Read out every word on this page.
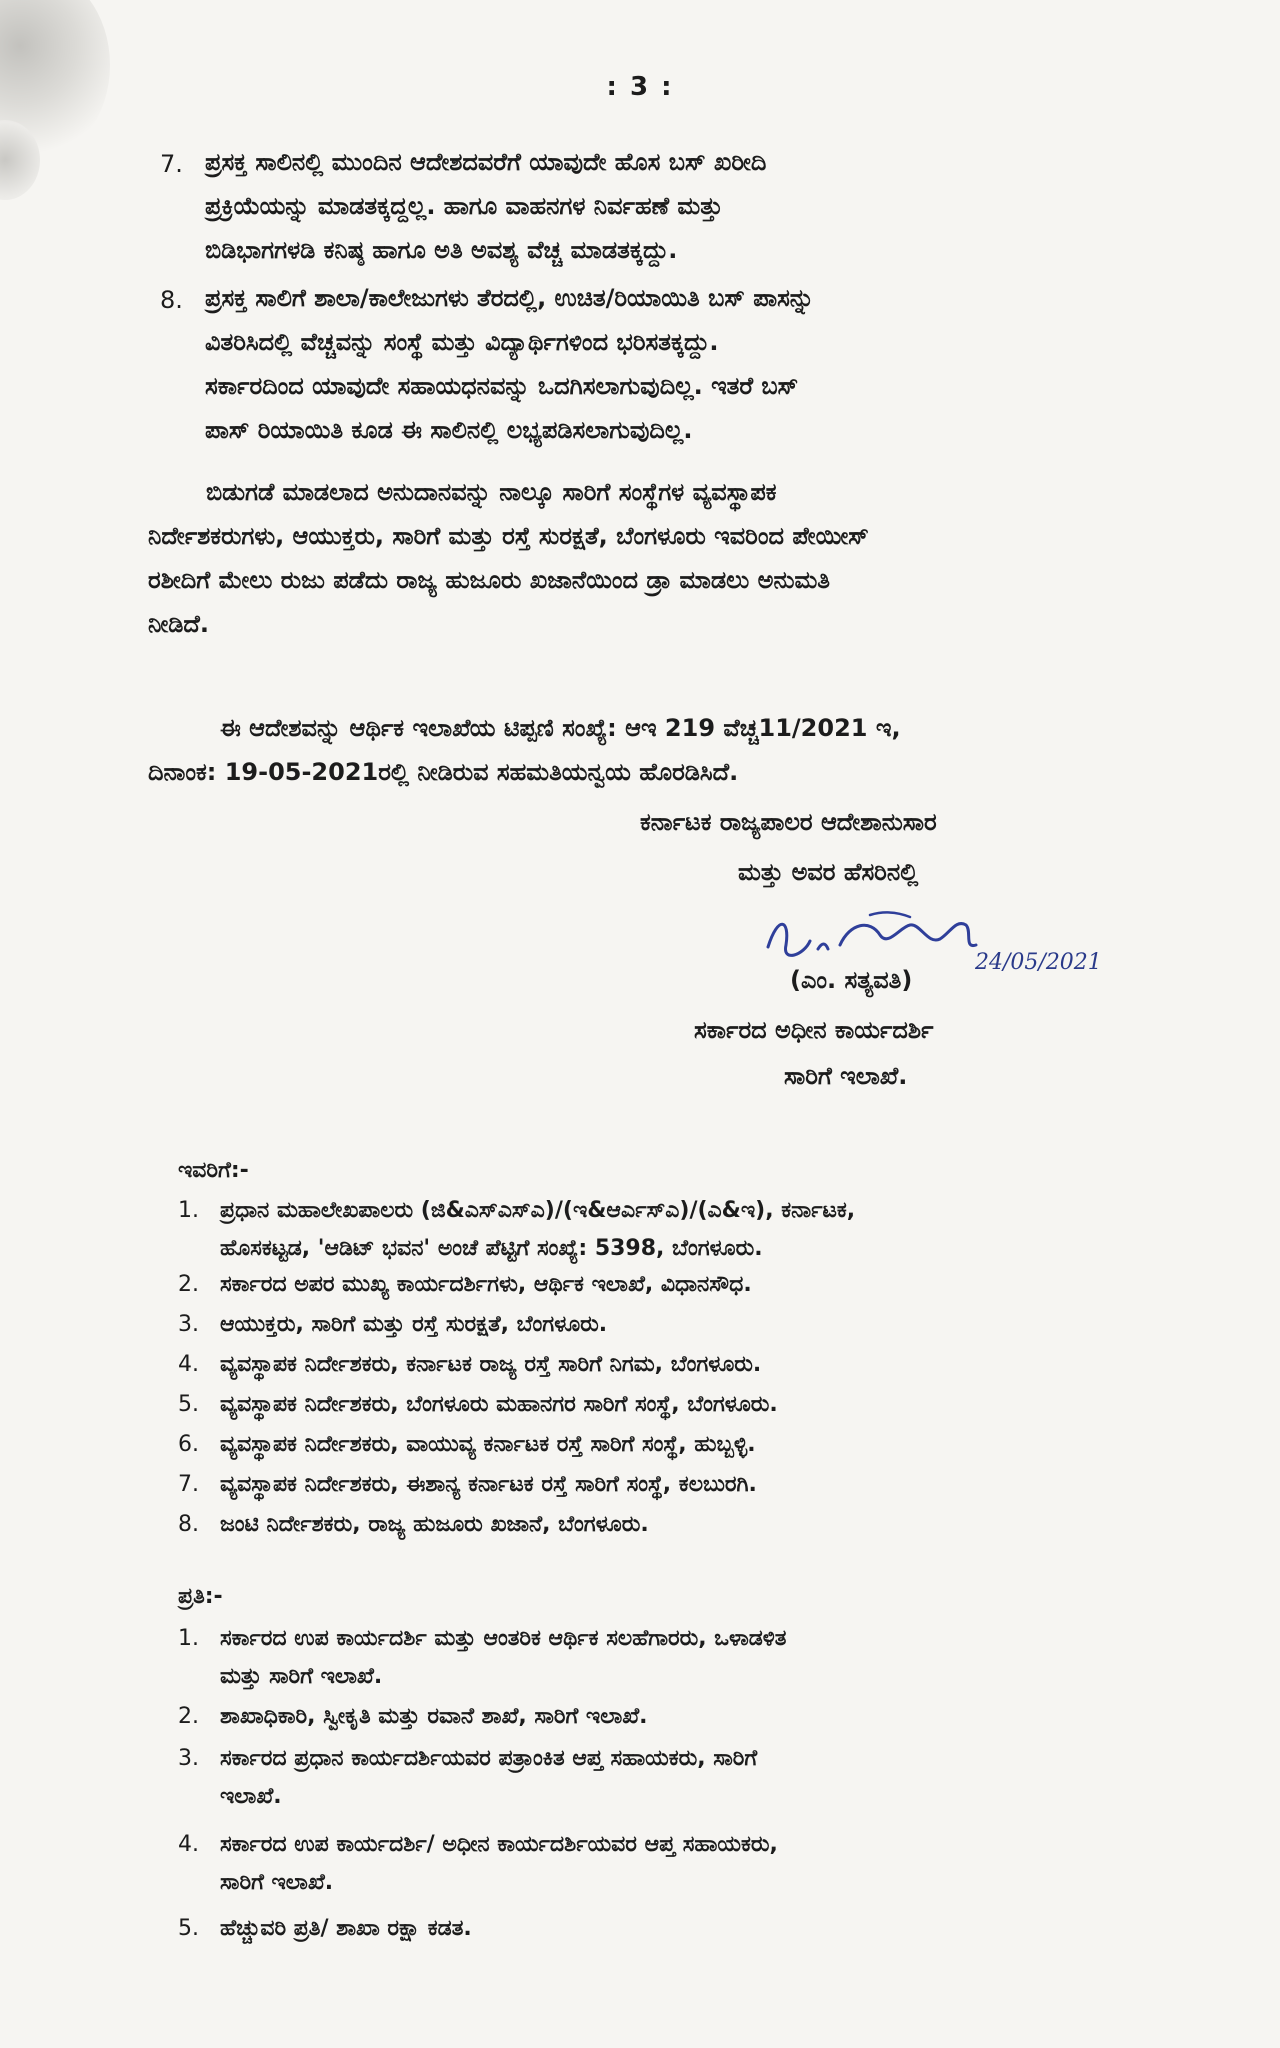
: 3 :
7. ಪ್ರಸಕ್ತ ಸಾಲಿನಲ್ಲಿ ಮುಂದಿನ ಆದೇಶದವರೆಗೆ ಯಾವುದೇ ಹೊಸ ಬಸ್ ಖರೀದಿ
ಪ್ರಕ್ರಿಯೆಯನ್ನು ಮಾಡತಕ್ಕದ್ದಲ್ಲ. ಹಾಗೂ ವಾಹನಗಳ ನಿರ್ವಹಣೆ ಮತ್ತು
ಬಿಡಿಭಾಗಗಳಡಿ ಕನಿಷ್ಠ ಹಾಗೂ ಅತಿ ಅವಶ್ಯ ವೆಚ್ಚ ಮಾಡತಕ್ಕದ್ದು.
8. ಪ್ರಸಕ್ತ ಸಾಲಿಗೆ ಶಾಲಾ/ಕಾಲೇಜುಗಳು ತೆರದಲ್ಲಿ, ಉಚಿತ/ರಿಯಾಯಿತಿ ಬಸ್ ಪಾಸನ್ನು
ವಿತರಿಸಿದಲ್ಲಿ ವೆಚ್ಚವನ್ನು ಸಂಸ್ಥೆ ಮತ್ತು ವಿದ್ಯಾರ್ಥಿಗಳಿಂದ ಭರಿಸತಕ್ಕದ್ದು.
ಸರ್ಕಾರದಿಂದ ಯಾವುದೇ ಸಹಾಯಧನವನ್ನು ಒದಗಿಸಲಾಗುವುದಿಲ್ಲ. ಇತರೆ ಬಸ್
ಪಾಸ್ ರಿಯಾಯಿತಿ ಕೂಡ ಈ ಸಾಲಿನಲ್ಲಿ ಲಭ್ಯಪಡಿಸಲಾಗುವುದಿಲ್ಲ.
ಬಿಡುಗಡೆ ಮಾಡಲಾದ ಅನುದಾನವನ್ನು ನಾಲ್ಕೂ ಸಾರಿಗೆ ಸಂಸ್ಥೆಗಳ ವ್ಯವಸ್ಥಾಪಕ
ನಿರ್ದೇಶಕರುಗಳು, ಆಯುಕ್ತರು, ಸಾರಿಗೆ ಮತ್ತು ರಸ್ತೆ ಸುರಕ್ಷತೆ, ಬೆಂಗಳೂರು ಇವರಿಂದ ಪೇಯೀಸ್
ರಶೀದಿಗೆ ಮೇಲು ರುಜು ಪಡೆದು ರಾಜ್ಯ ಹುಜೂರು ಖಜಾನೆಯಿಂದ ಡ್ರಾ ಮಾಡಲು ಅನುಮತಿ
ನೀಡಿದೆ.
ಈ ಆದೇಶವನ್ನು ಆರ್ಥಿಕ ಇಲಾಖೆಯ ಟಿಪ್ಪಣಿ ಸಂಖ್ಯೆ: ಆಇ 219 ವೆಚ್ಚ11/2021 ಇ,
ದಿನಾಂಕ: 19-05-2021ರಲ್ಲಿ ನೀಡಿರುವ ಸಹಮತಿಯನ್ವಯ ಹೊರಡಿಸಿದೆ.
ಕರ್ನಾಟಕ ರಾಜ್ಯಪಾಲರ ಆದೇಶಾನುಸಾರ
ಮತ್ತು ಅವರ ಹೆಸರಿನಲ್ಲಿ
(ಎಂ. ಸತ್ಯವತಿ)
24/05/2021
ಸರ್ಕಾರದ ಅಧೀನ ಕಾರ್ಯದರ್ಶಿ
ಸಾರಿಗೆ ಇಲಾಖೆ.
ಇವರಿಗೆ:-
1. ಪ್ರಧಾನ ಮಹಾಲೇಖಪಾಲರು (ಜಿ&ಎಸ್ಎಸ್ಎ)/(ಇ&ಆರ್ಎಸ್ಎ)/(ಎ&ಇ), ಕರ್ನಾಟಕ,
ಹೊಸಕಟ್ಟಡ, 'ಆಡಿಟ್ ಭವನ' ಅಂಚೆ ಪೆಟ್ಟಿಗೆ ಸಂಖ್ಯೆ: 5398, ಬೆಂಗಳೂರು.
2. ಸರ್ಕಾರದ ಅಪರ ಮುಖ್ಯ ಕಾರ್ಯದರ್ಶಿಗಳು, ಆರ್ಥಿಕ ಇಲಾಖೆ, ವಿಧಾನಸೌಧ.
3. ಆಯುಕ್ತರು, ಸಾರಿಗೆ ಮತ್ತು ರಸ್ತೆ ಸುರಕ್ಷತೆ, ಬೆಂಗಳೂರು.
4. ವ್ಯವಸ್ಥಾಪಕ ನಿರ್ದೇಶಕರು, ಕರ್ನಾಟಕ ರಾಜ್ಯ ರಸ್ತೆ ಸಾರಿಗೆ ನಿಗಮ, ಬೆಂಗಳೂರು.
5. ವ್ಯವಸ್ಥಾಪಕ ನಿರ್ದೇಶಕರು, ಬೆಂಗಳೂರು ಮಹಾನಗರ ಸಾರಿಗೆ ಸಂಸ್ಥೆ, ಬೆಂಗಳೂರು.
6. ವ್ಯವಸ್ಥಾಪಕ ನಿರ್ದೇಶಕರು, ವಾಯುವ್ಯ ಕರ್ನಾಟಕ ರಸ್ತೆ ಸಾರಿಗೆ ಸಂಸ್ಥೆ, ಹುಬ್ಬಳ್ಳಿ.
7. ವ್ಯವಸ್ಥಾಪಕ ನಿರ್ದೇಶಕರು, ಈಶಾನ್ಯ ಕರ್ನಾಟಕ ರಸ್ತೆ ಸಾರಿಗೆ ಸಂಸ್ಥೆ, ಕಲಬುರಗಿ.
8. ಜಂಟಿ ನಿರ್ದೇಶಕರು, ರಾಜ್ಯ ಹುಜೂರು ಖಜಾನೆ, ಬೆಂಗಳೂರು.
ಪ್ರತಿ:-
1. ಸರ್ಕಾರದ ಉಪ ಕಾರ್ಯದರ್ಶಿ ಮತ್ತು ಆಂತರಿಕ ಆರ್ಥಿಕ ಸಲಹೆಗಾರರು, ಒಳಾಡಳಿತ
ಮತ್ತು ಸಾರಿಗೆ ಇಲಾಖೆ.
2. ಶಾಖಾಧಿಕಾರಿ, ಸ್ವೀಕೃತಿ ಮತ್ತು ರವಾನೆ ಶಾಖೆ, ಸಾರಿಗೆ ಇಲಾಖೆ.
3. ಸರ್ಕಾರದ ಪ್ರಧಾನ ಕಾರ್ಯದರ್ಶಿಯವರ ಪತ್ರಾಂಕಿತ ಆಪ್ತ ಸಹಾಯಕರು, ಸಾರಿಗೆ
ಇಲಾಖೆ.
4. ಸರ್ಕಾರದ ಉಪ ಕಾರ್ಯದರ್ಶಿ/ ಅಧೀನ ಕಾರ್ಯದರ್ಶಿಯವರ ಆಪ್ತ ಸಹಾಯಕರು,
ಸಾರಿಗೆ ಇಲಾಖೆ.
5. ಹೆಚ್ಚುವರಿ ಪ್ರತಿ/ ಶಾಖಾ ರಕ್ಷಾ ಕಡತ.
